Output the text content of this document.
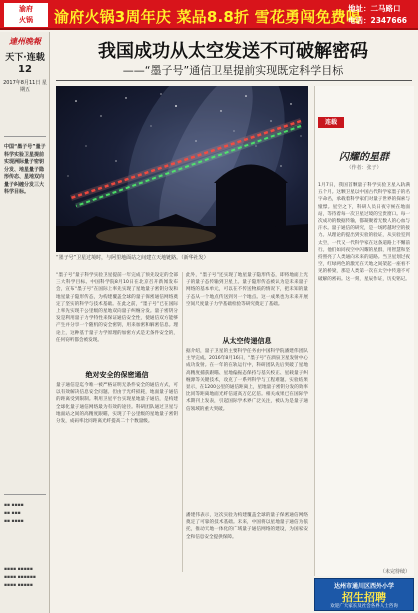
渝府
火锅	渝府火锅3周年庆 菜品8.8折 雪花勇闯免费喝
地址：二马路口
电话：2347666
達州晚報
天下·连载
12
2017年8月11日 星期五
中国“墨子号”量子科学实验卫星提前实现洲际量子密钥分发、地星量子隐形传态、星地双向量子纠缠分发三大科学目标。
▪▪ ▪▪▪▪
▪▪ ▪▪▪
▪▪ ▪▪▪▪
▪▪▪▪ ▪▪▪▪▪
▪▪▪▪ ▪▪▪▪▪▪
▪▪▪▪ ▪▪▪▪▪
我国成功从太空发送不可破解密码
——“墨子号”通信卫星提前实现既定科学目标
“墨子号”卫星过境时，与阿里地面站之间建立天地链路。（新华社发）
“墨子号”量子科学实验卫星提前一年完成了预先设定的全部三大科学目标。中国科学院8月10日在北京召开新闻发布会，宣布“墨子号”在国际上率先实现了星地量子密钥分发和地星量子隐形传态，为构建覆盖全球的量子保密通信网络奠定了坚实的科学与技术基础。在此之前，“墨子号”已在国际上率先实现千公里级的星地双向量子纠缠分发。量子密钥分发是利用量子力学特性来保证通信安全性，使通信双方能够产生并分享一个随机的安全密钥，用来加密和解密信息。理论上，这种基于量子力学原理的加密方式是无条件安全的，任何窃听都会被发现。
绝对安全的保密通信
量子通信是迄今唯一被严格证明无条件安全的通信方式，可以有效解决信息安全问题。但由于光纤损耗，地面量子通信的距离受到限制。利用卫星平台实现星地量子通信，是构建全球化量子通信网络最为有效的途径。科研团队通过卫星与地面站之间的高精度跟瞄，实现了千公里级的星地量子密钥分发，成码率比同距离光纤提高二十个数量级。
此外，“墨子号”还实现了地星量子隐形传态，即将地面上光子的量子态传输到卫星上。量子隐形传态被认为是未来量子网络的基本单元，可以在不传送物质的情况下，把未知的量子态从一个地点传送到另一个地点。这一成果也为未来开展空间尺度量子力学基础检验等研究奠定了基础。
从太空传递信息
据介绍，量子卫星的主要科学任务由中国科学院潘建伟团队主导完成。2016年8月16日，“墨子号”在酒泉卫星发射中心成功发射。在一年的在轨运行中，科研团队先后突破了星地高精度捕获跟瞄、星地偏振态保持与基矢校正、星载量子纠缠源等关键技术，攻克了一系列科学与工程难题。实验结果显示，在1200公里的通信距离上，星地量子密钥分发的效率比同等距离地面光纤信道高万亿亿倍。相关成果已在国际学术期刊上发表，引起国际学术界广泛关注，被认为是量子通信领域的重大突破。
潘建伟表示，这次实验为构建覆盖全球的量子保密通信网络奠定了可靠的技术基础。未来，中国将以星地量子通信为依托，推动天地一体化的广域量子通信网络的建设，为国家安全和信息安全提供保障。
连载
闪耀的星群
（作者：张子）
1月7日，我国首颗量子科学实验卫星入轨满五个月。这颗卫星以中国古代科学家墨子的名字命名，承载着科学家们对量子世界的探索与憧憬。星空之下，科研人员日夜守候在地面站，等待着每一次卫星过境的宝贵窗口。每一次成功的数据传输，都凝聚着无数人的心血与汗水。量子通信的研究，是一场跨越时空的接力。从理论的提出到实验的验证，从实验室到太空，一代又一代科学家在这条道路上不懈前行。他们如同夜空中闪耀的星群，用智慧和坚持照亮了人类通向未来的道路。当卫星划过夜空，红绿两色的激光在天地之间架起一座看不见的桥梁，那是人类第一次在太空中传递不可破解的密码。这一刻，星辰作证，历史铭记。
（未完待续）
达州市通川区西外小学
招生招聘
欢迎广大家长及社会各界人士咨询
